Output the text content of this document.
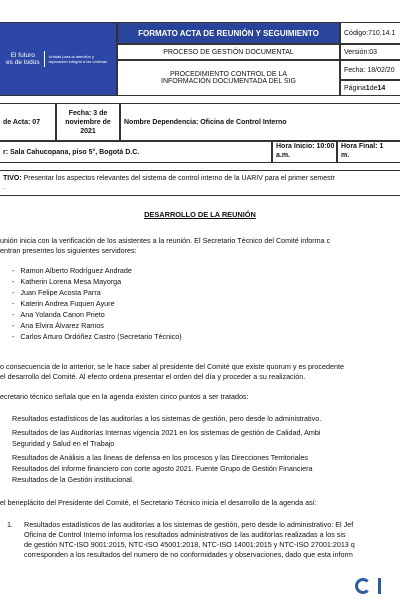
El futuro
es de todos
Unidad para la atención y reparación integral a las víctimas
FORMATO ACTA DE REUNIÓN Y SEGUIMIENTO
PROCESO DE GESTIÓN DOCUMENTAL
PROCEDIMIENTO CONTROL DE LA INFORMACIÓN DOCUMENTADA DEL SIG
Código:710.14.1
Versión:03
Fecha: 18/02/20
Página 1 de 14
de Acta: 07
Fecha: 3 de
noviembre de
2021
Nombre Dependencia: Oficina de Control Interno
r: Sala Cahucopana, piso 5°, Bogotá D.C.
Hora Inicio: 10:00
a.m.
Hora Final: 1
m.
TIVO: Presentar los aspectos relevantes del sistema de control interno de la UARIV para el primer semestr
.
DESARROLLO DE LA REUNIÓN
unión inicia con la verificación de los asistentes a la reunión. El Secretario Técnico del Comité informa c
entran presentes los siguientes servidores:
- Ramon Alberto Rodríguez Andrade
- Katherin Lorena Mesa Mayorga
- Juan Felipe Acosta Parra
- Katerin Andrea Fuquen Ayure
- Ana Yolanda Canon Prieto
- Ana Elvira Álvarez Ramos
- Carlos Arturo Ordóñez Castro (Secretario Técnico)
o consecuencia de lo anterior, se le hace saber al presidente del Comité que existe quorum y es procedente
el desarrollo del Comité. Al efecto ordena presentar el orden del día y proceder a su realización.
ecretario técnico señala que en la agenda existen cinco puntos a ser tratados:
Resultados estadísticos de las auditorías a los sistemas de gestión, pero desde lo administrativo.
Resultados de las Auditorías Internas vigencia 2021 en los sistemas de gestión de Calidad, Ambi
Seguridad y Salud en el Trabajo
Resultados de Análisis a las líneas de defensa en los procesos y las Direcciones Territoriales
Resultados del informe financiero con corte agosto 2021. Fuente Grupo de Gestión Financiera
Resultados de la Gestión institucional.
el beneplácito del Presidente del Comité, el Secretario Técnico inicia el desarrollo de la agenda así:
1. Resultados estadísticos de las auditorías a los sistemas de gestión, pero desde lo administrativo: El Jef
Oficina de Control Interno informa los resultados administrativos de las auditorías realizadas a los sis
de gestión NTC-ISO 9001:2015, NTC-ISO 45001:2018, NTC-ISO 14001:2015 y NTC-ISO 27001:2013 q
corresponden a los resultados del numero de no conformidades y observaciones, dado que esta inform
